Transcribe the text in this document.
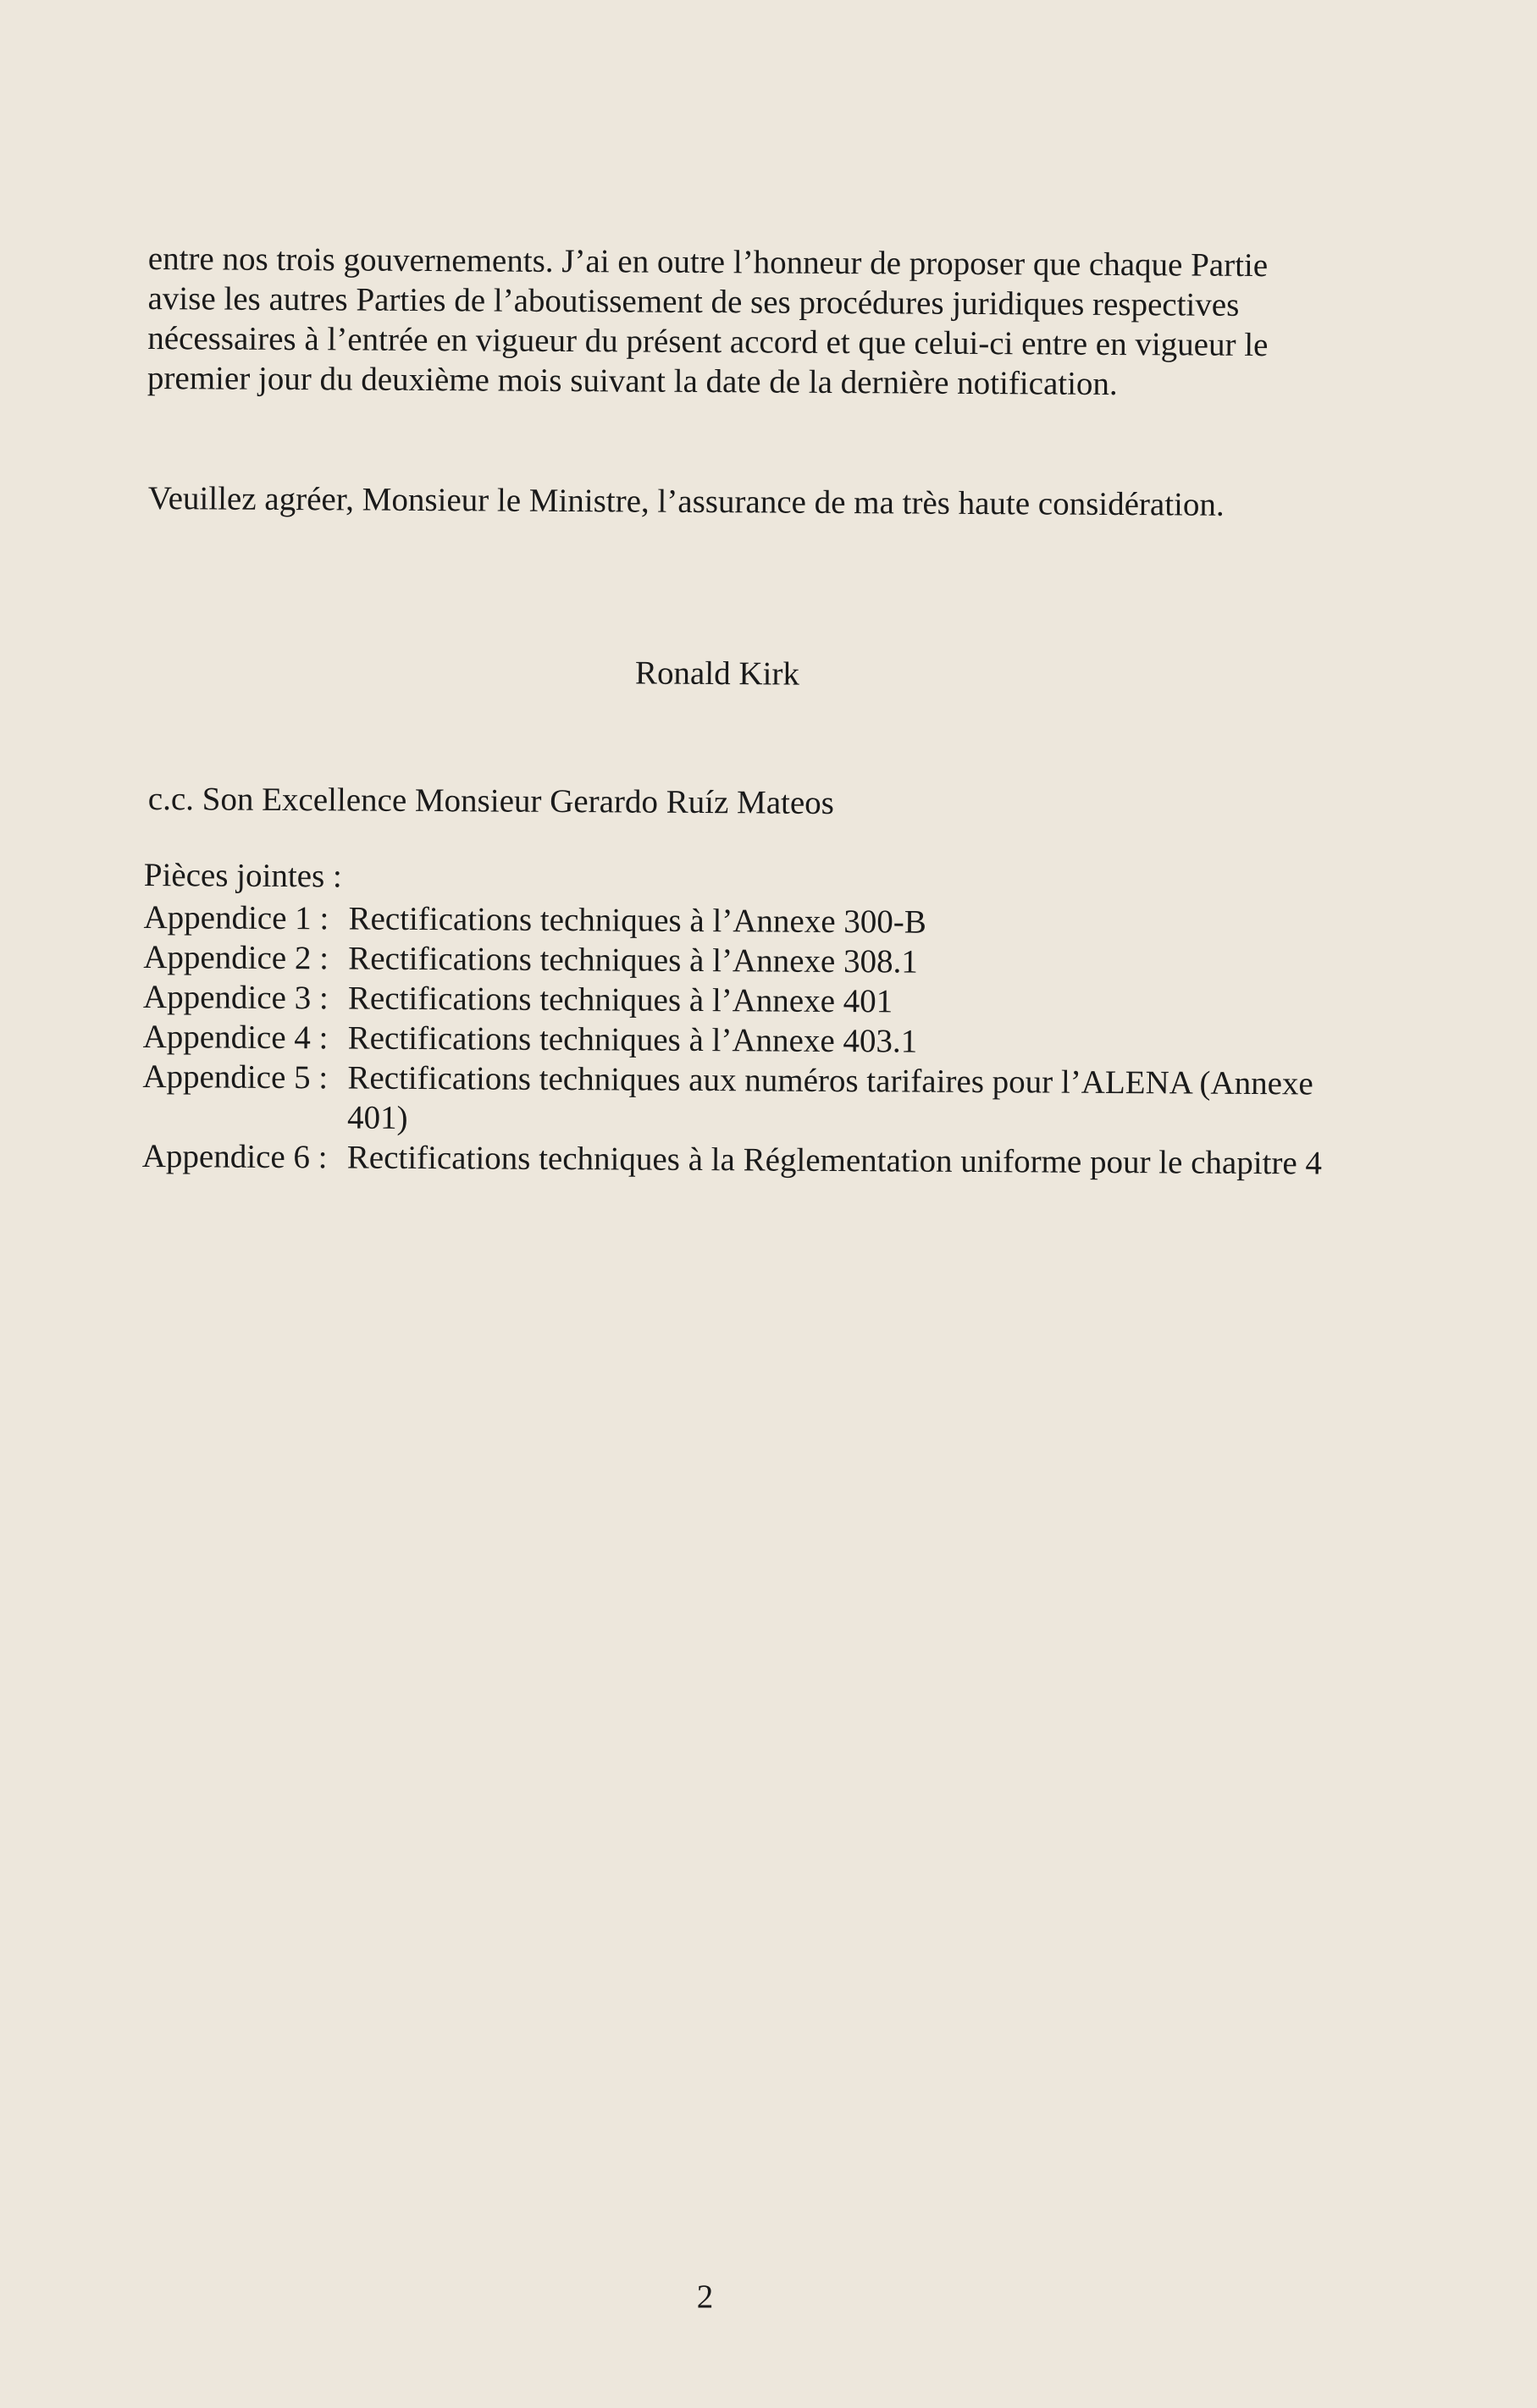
entre nos trois gouvernements. J’ai en outre l’honneur de proposer que chaque Partie avise les autres Parties de l’aboutissement de ses procédures juridiques respectives nécessaires à l’entrée en vigueur du présent accord et que celui-ci entre en vigueur le premier jour du deuxième mois suivant la date de la dernière notification.

Veuillez agréer, Monsieur le Ministre, l’assurance de ma très haute considération.

Ronald Kirk
c.c. Son Excellence Monsieur Gerardo Ruíz Mateos
Pièces jointes :
Appendice 1 : Rectifications techniques à l’Annexe 300-B
Appendice 2 : Rectifications techniques à l’Annexe 308.1
Appendice 3 : Rectifications techniques à l’Annexe 401
Appendice 4 : Rectifications techniques à l’Annexe 403.1
Appendice 5 : Rectifications techniques aux numéros tarifaires pour l’ALENA (Annexe 401)
Appendice 6 : Rectifications techniques à la Réglementation uniforme pour le chapitre 4
2
